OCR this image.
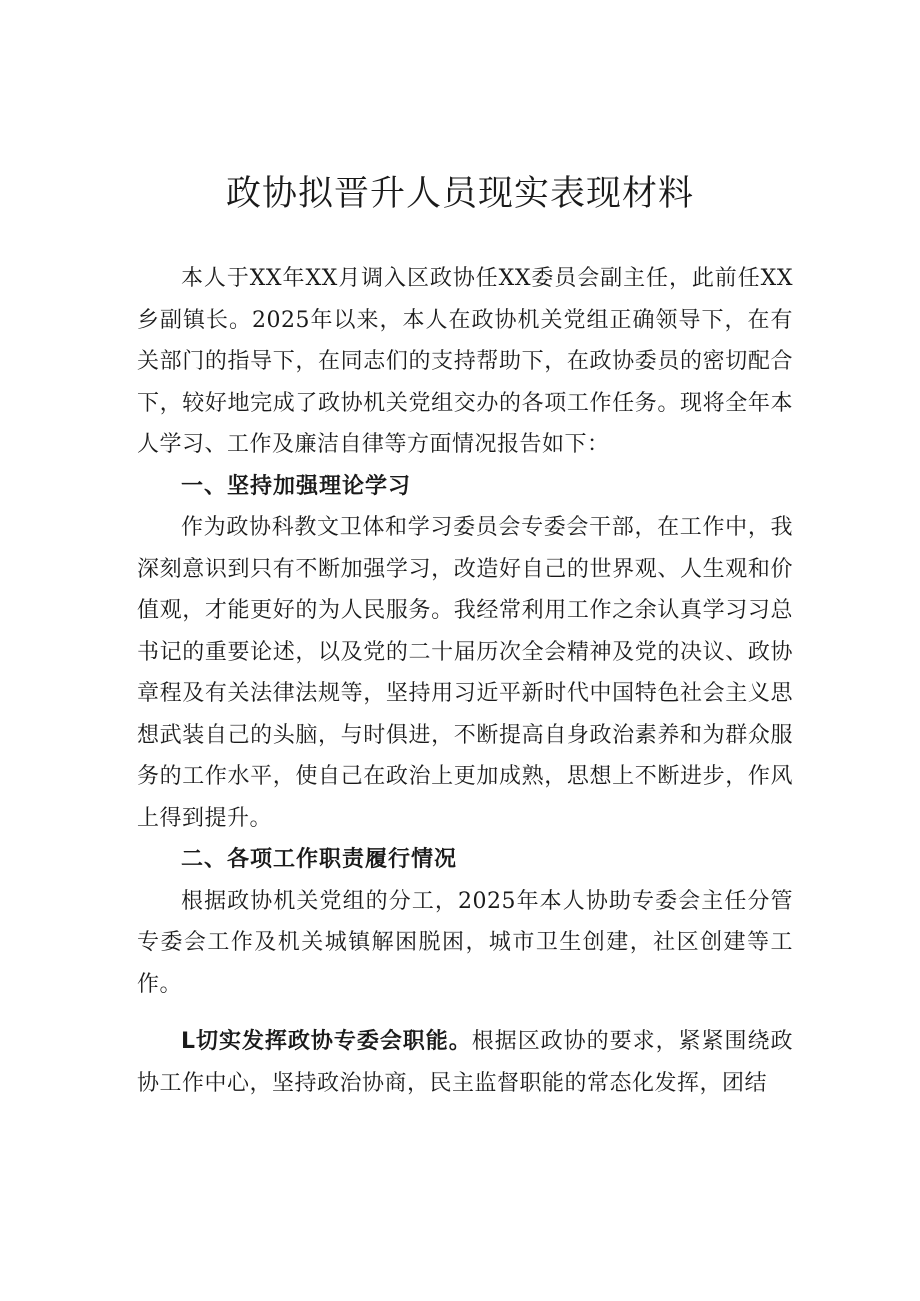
政协拟晋升人员现实表现材料

本人于XX年XX月调入区政协任XX委员会副主任，此前任XX乡副镇长。2025年以来，本人在政协机关党组正确领导下，在有关部门的指导下，在同志们的支持帮助下，在政协委员的密切配合下，较好地完成了政协机关党组交办的各项工作任务。现将全年本人学习、工作及廉洁自律等方面情况报告如下：

一、坚持加强理论学习

作为政协科教文卫体和学习委员会专委会干部，在工作中，我深刻意识到只有不断加强学习，改造好自己的世界观、人生观和价值观，才能更好的为人民服务。我经常利用工作之余认真学习习总书记的重要论述，以及党的二十届历次全会精神及党的决议、政协章程及有关法律法规等，坚持用习近平新时代中国特色社会主义思想武装自己的头脑，与时俱进，不断提高自身政治素养和为群众服务的工作水平，使自己在政治上更加成熟，思想上不断进步，作风上得到提升。

二、各项工作职责履行情况

根据政协机关党组的分工，2025年本人协助专委会主任分管专委会工作及机关城镇解困脱困，城市卫生创建，社区创建等工作。

L切实发挥政协专委会职能。根据区政协的要求，紧紧围绕政协工作中心，坚持政治协商，民主监督职能的常态化发挥，团结
